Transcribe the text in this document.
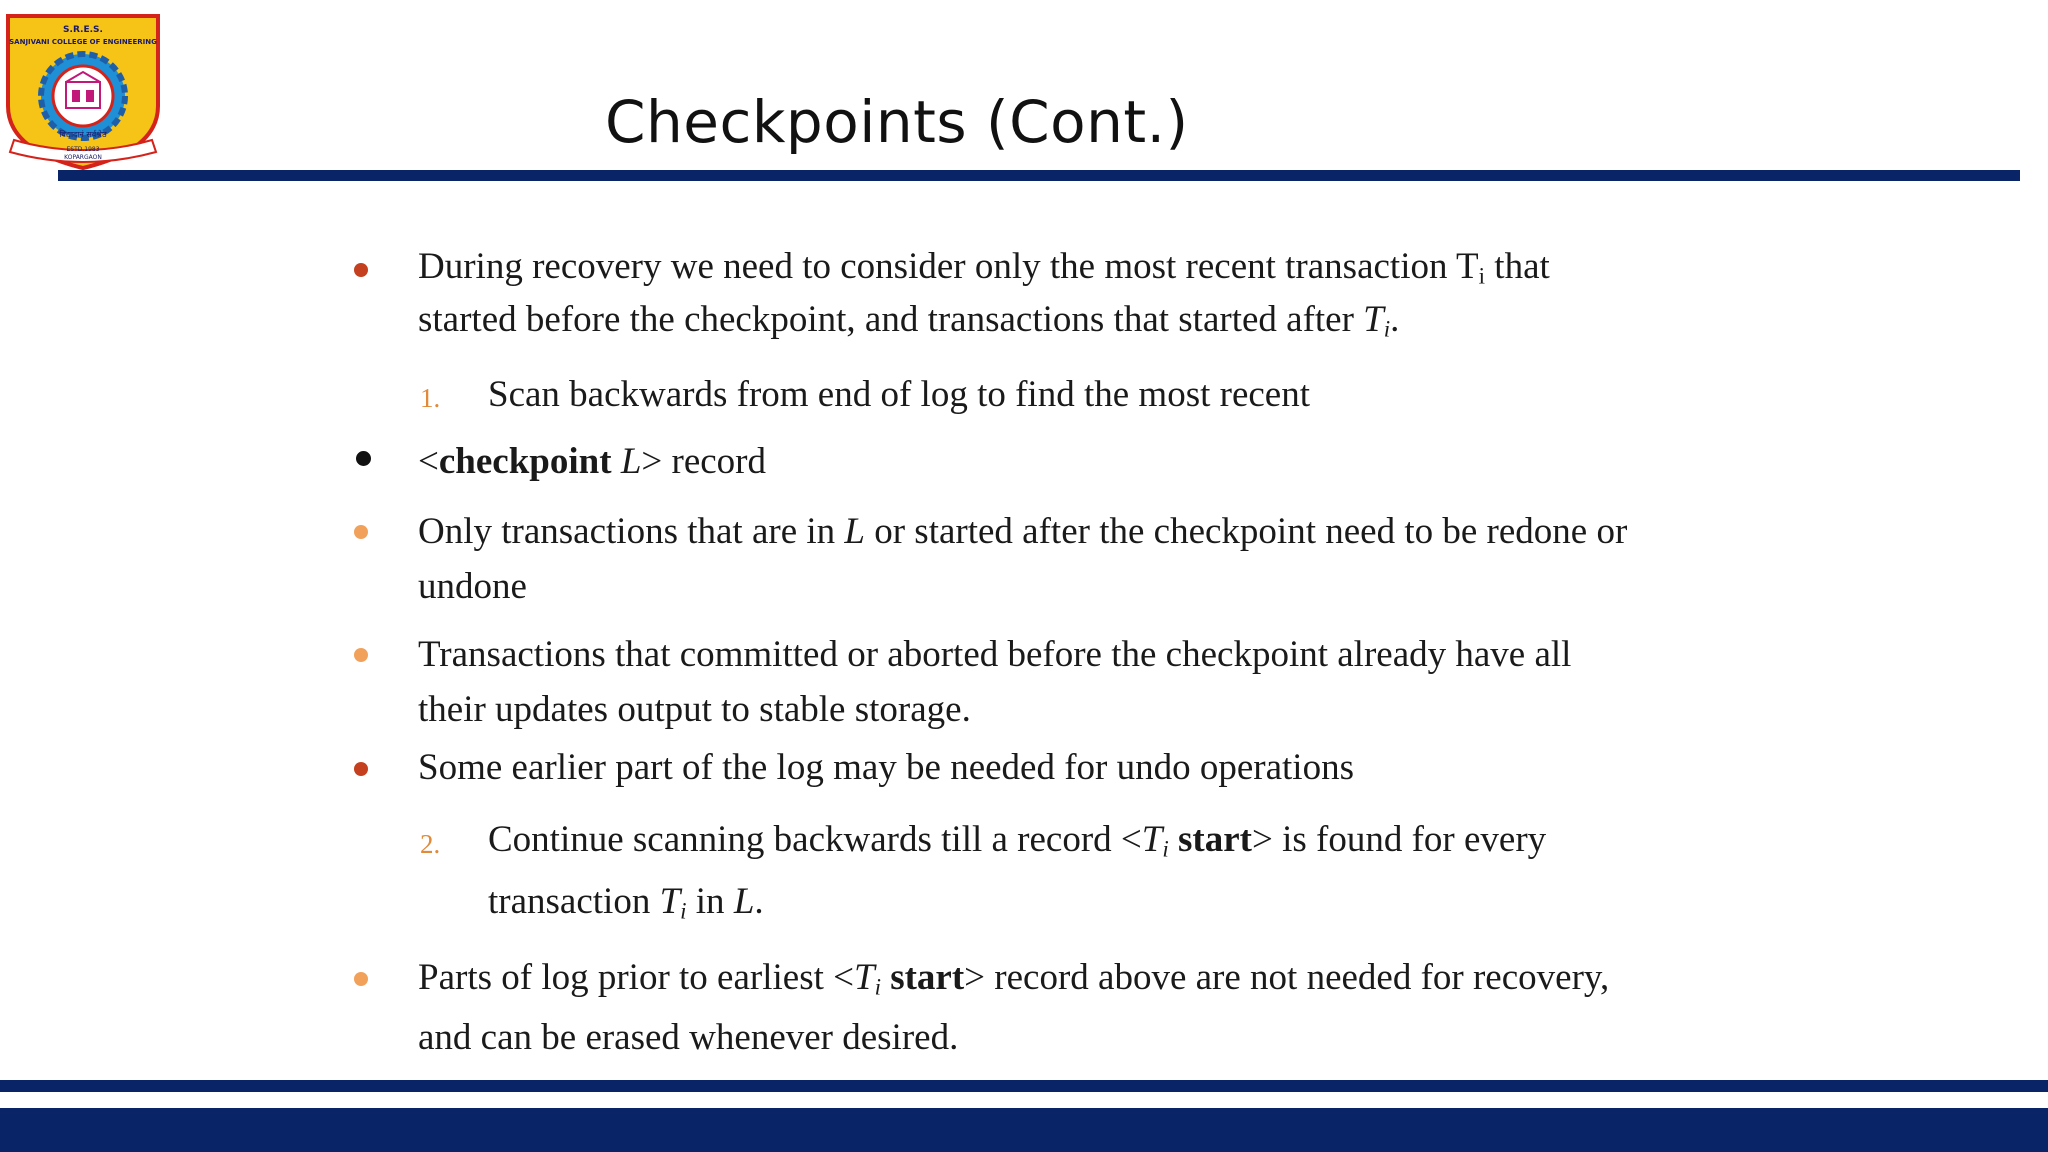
S.R.E.S.
SANJIVANI COLLEGE OF ENGINEERING
विद्यादानं सर्वश्रेष्ठ
ESTD.1983
KOPARGAON
Checkpoints (Cont.)
During recovery we need to consider only the most recent transaction $T_i$ that
started before the checkpoint, and transactions that started after $T_i$.
1. Scan backwards from end of log to find the most recent
<checkpoint L> record
Only transactions that are in L or started after the checkpoint need to be redone or
undone
Transactions that committed or aborted before the checkpoint already have all
their updates output to stable storage.
Some earlier part of the log may be needed for undo operations
2. Continue scanning backwards till a record $<T_i$ start> is found for every
transaction $T_i$ in L.
Parts of log prior to earliest $<T_i$ start> record above are not needed for recovery,
and can be erased whenever desired.
